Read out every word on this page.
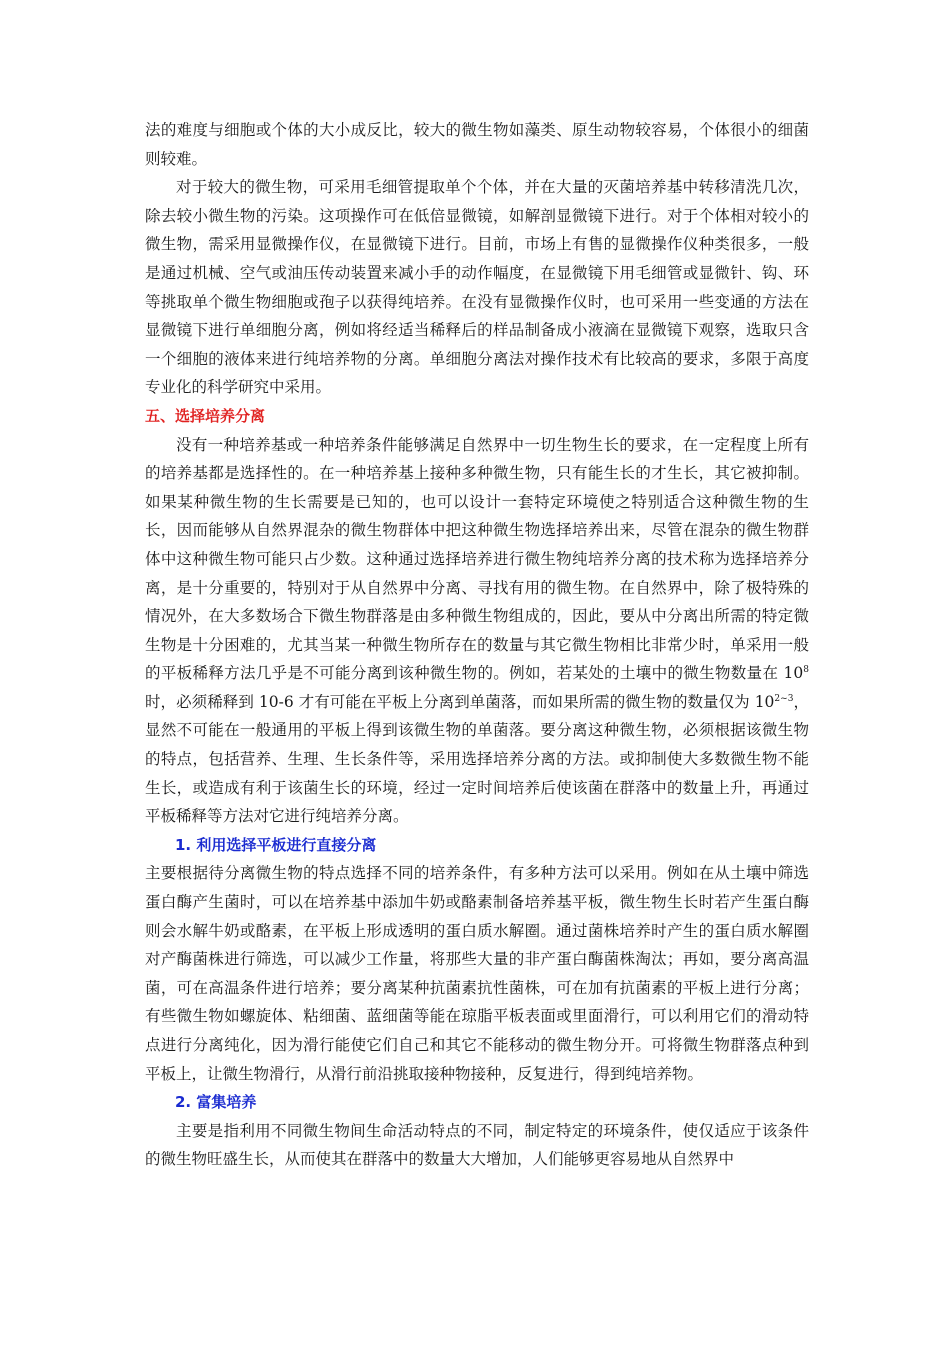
法的难度与细胞或个体的大小成反比，较大的微生物如藻类、原生动物较容易，个体很小的细菌则较难。

对于较大的微生物，可采用毛细管提取单个个体，并在大量的灭菌培养基中转移清洗几次，除去较小微生物的污染。这项操作可在低倍显微镜，如解剖显微镜下进行。对于个体相对较小的微生物，需采用显微操作仪，在显微镜下进行。目前，市场上有售的显微操作仪种类很多，一般是通过机械、空气或油压传动装置来减小手的动作幅度，在显微镜下用毛细管或显微针、钩、环等挑取单个微生物细胞或孢子以获得纯培养。在没有显微操作仪时，也可采用一些变通的方法在显微镜下进行单细胞分离，例如将经适当稀释后的样品制备成小液滴在显微镜下观察，选取只含一个细胞的液体来进行纯培养物的分离。单细胞分离法对操作技术有比较高的要求，多限于高度专业化的科学研究中采用。

五、选择培养分离

没有一种培养基或一种培养条件能够满足自然界中一切生物生长的要求，在一定程度上所有的培养基都是选择性的。在一种培养基上接种多种微生物，只有能生长的才生长，其它被抑制。如果某种微生物的生长需要是已知的，也可以设计一套特定环境使之特别适合这种微生物的生长，因而能够从自然界混杂的微生物群体中把这种微生物选择培养出来，尽管在混杂的微生物群体中这种微生物可能只占少数。这种通过选择培养进行微生物纯培养分离的技术称为选择培养分离，是十分重要的，特别对于从自然界中分离、寻找有用的微生物。在自然界中，除了极特殊的情况外，在大多数场合下微生物群落是由多种微生物组成的，因此，要从中分离出所需的特定微生物是十分困难的，尤其当某一种微生物所存在的数量与其它微生物相比非常少时，单采用一般的平板稀释方法几乎是不可能分离到该种微生物的。例如，若某处的土壤中的微生物数量在 $10^8$时，必须稀释到 10-6 才有可能在平板上分离到单菌落，而如果所需的微生物的数量仅为 $10^{2\sim 3}$，显然不可能在一般通用的平板上得到该微生物的单菌落。要分离这种微生物，必须根据该微生物的特点，包括营养、生理、生长条件等，采用选择培养分离的方法。或抑制使大多数微生物不能生长，或造成有利于该菌生长的环境，经过一定时间培养后使该菌在群落中的数量上升，再通过平板稀释等方法对它进行纯培养分离。

1. 利用选择平板进行直接分离

主要根据待分离微生物的特点选择不同的培养条件，有多种方法可以采用。例如在从土壤中筛选蛋白酶产生菌时，可以在培养基中添加牛奶或酪素制备培养基平板，微生物生长时若产生蛋白酶则会水解牛奶或酪素，在平板上形成透明的蛋白质水解圈。通过菌株培养时产生的蛋白质水解圈对产酶菌株进行筛选，可以减少工作量，将那些大量的非产蛋白酶菌株淘汰；再如，要分离高温菌，可在高温条件进行培养；要分离某种抗菌素抗性菌株，可在加有抗菌素的平板上进行分离；有些微生物如螺旋体、粘细菌、蓝细菌等能在琼脂平板表面或里面滑行，可以利用它们的滑动特点进行分离纯化，因为滑行能使它们自己和其它不能移动的微生物分开。可将微生物群落点种到平板上，让微生物滑行，从滑行前沿挑取接种物接种，反复进行，得到纯培养物。

2. 富集培养

主要是指利用不同微生物间生命活动特点的不同，制定特定的环境条件，使仅适应于该条件的微生物旺盛生长，从而使其在群落中的数量大大增加，人们能够更容易地从自然界中
